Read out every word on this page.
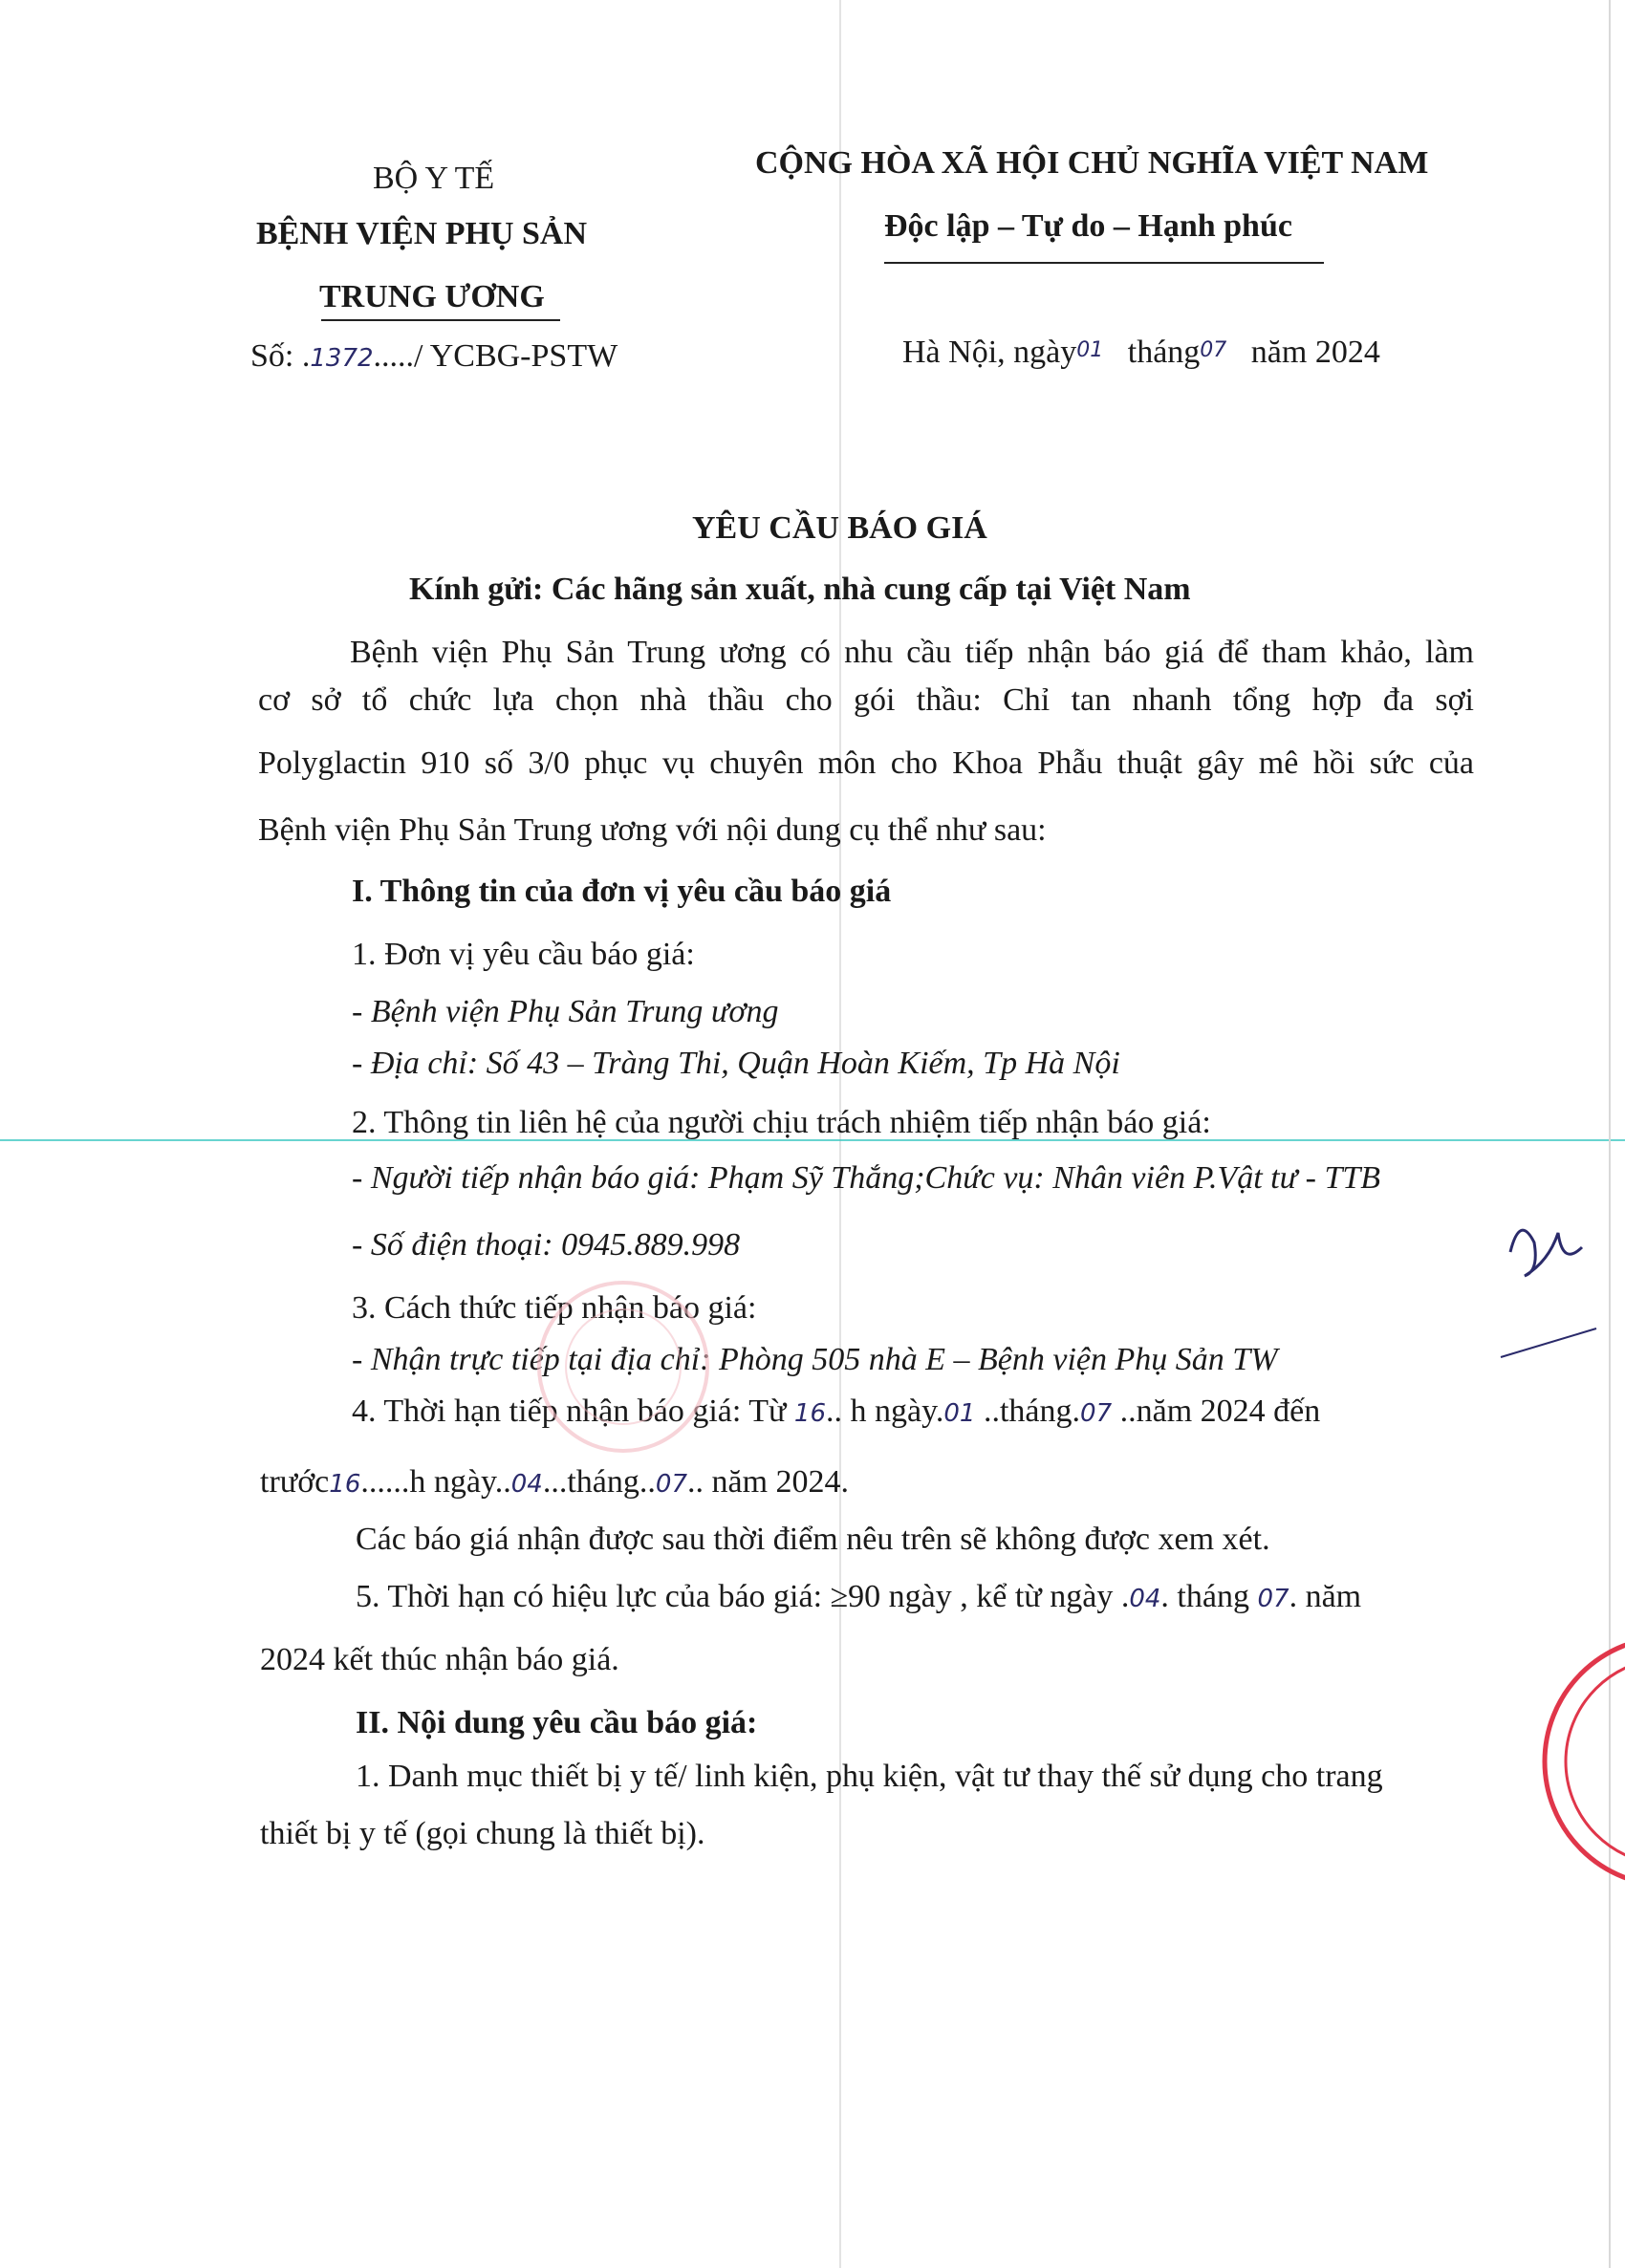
BỘ Y TẾ
BỆNH VIỆN PHỤ SẢN
TRUNG ƯƠNG
Số: .1372...../ YCBG-PSTW
CỘNG HÒA XÃ HỘI CHỦ NGHĨA VIỆT NAM
Độc lập – Tự do – Hạnh phúc
Hà Nội, ngày01 tháng07 năm 2024
YÊU CẦU BÁO GIÁ
Kính gửi: Các hãng sản xuất, nhà cung cấp tại Việt Nam
Bệnh viện Phụ Sản Trung ương có nhu cầu tiếp nhận báo giá để tham khảo, làm
cơ sở tổ chức lựa chọn nhà thầu cho gói thầu: Chỉ tan nhanh tổng hợp đa sợi
Polyglactin 910 số 3/0 phục vụ chuyên môn cho Khoa Phẫu thuật gây mê hồi sức của
Bệnh viện Phụ Sản Trung ương với nội dung cụ thể như sau:
I. Thông tin của đơn vị yêu cầu báo giá
1. Đơn vị yêu cầu báo giá:
- Bệnh viện Phụ Sản Trung ương
- Địa chỉ: Số 43 – Tràng Thi, Quận Hoàn Kiếm, Tp Hà Nội
2. Thông tin liên hệ của người chịu trách nhiệm tiếp nhận báo giá:
- Người tiếp nhận báo giá: Phạm Sỹ Thắng;Chức vụ: Nhân viên P.Vật tư - TTB
- Số điện thoại: 0945.889.998
3. Cách thức tiếp nhận báo giá:
- Nhận trực tiếp tại địa chỉ: Phòng 505 nhà E – Bệnh viện Phụ Sản TW
4. Thời hạn tiếp nhận báo giá: Từ 16.. h ngày.01 ..tháng.07 ..năm 2024 đến
trước16......h ngày..04...tháng..07.. năm 2024.
Các báo giá nhận được sau thời điểm nêu trên sẽ không được xem xét.
5. Thời hạn có hiệu lực của báo giá: ≥90 ngày , kể từ ngày .04. tháng 07. năm
2024 kết thúc nhận báo giá.
II. Nội dung yêu cầu báo giá:
1. Danh mục thiết bị y tế/ linh kiện, phụ kiện, vật tư thay thế sử dụng cho trang
thiết bị y tế (gọi chung là thiết bị).
